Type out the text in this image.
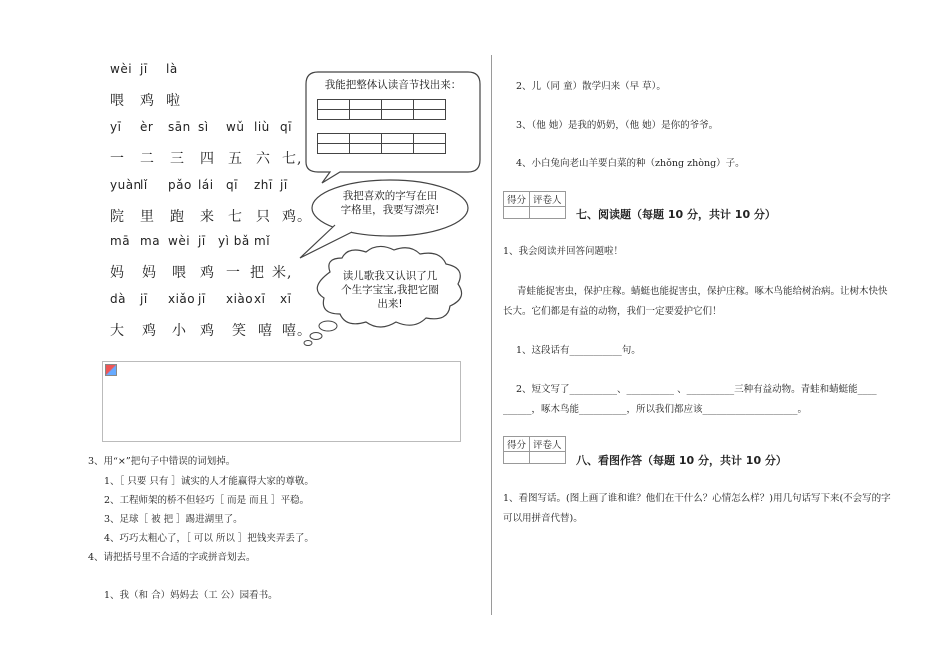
wèi jī là
喂 鸡 啦
yī èr sān sì wǔ liù qī
一 二 三 四 五 六 七,
yuàn
lǐ pǎo lái qī zhī jī
院 里 跑 来 七 只 鸡。
mā ma wèi jī yì bǎ mǐ
妈 妈 喂 鸡 一 把 米,
dà jī xiǎo jī xiào xī xī
大 鸡 小 鸡 笑 嘻 嘻。
我能把整体认读音节找出来：

我把喜欢的字写在田
字格里，我要写漂亮!
读儿歌我又认识了几
个生字宝宝,我把它圈
出来!
3、用“×”把句子中错误的词划掉。
1、［ 只要 只有 ］诚实的人才能赢得大家的尊敬。
2、工程师架的桥不但轻巧［ 而是 而且 ］平稳。
3、足球［ 被 把 ］踢进湖里了。
4、巧巧太粗心了，［ 可以 所以 ］把钱夹弄丢了。
4、请把括号里不合适的字或拼音划去。
1、我（和 合）妈妈去（工 公）园看书。
2、儿（同 童）散学归来（早 草）。
3、（他 她）是我的奶奶，（他 她）是你的爷爷。
4、小白兔向老山羊要白菜的种（zhǒng zhòng）子。
得分	评卷人

七、阅读题（每题 10 分，共计 10 分）
1、我会阅读并回答问题啦！
青蛙能捉害虫，保护庄稼。蜻蜓也能捉害虫，保护庄稼。啄木鸟能给树治病。让树木快快
长大。它们都是有益的动物，我们一定要爱护它们！
1、这段话有___________句。
2、短文写了__________、__________ 、__________三种有益动物。青蛙和蜻蜓能____
______，啄木鸟能__________，所以我们都应该____________________。
得分	评卷人

八、看图作答（每题 10 分，共计 10 分）
1、看图写话。(图上画了谁和谁？他们在干什么？心情怎么样？)用几句话写下来(不会写的字
可以用拼音代替)。
